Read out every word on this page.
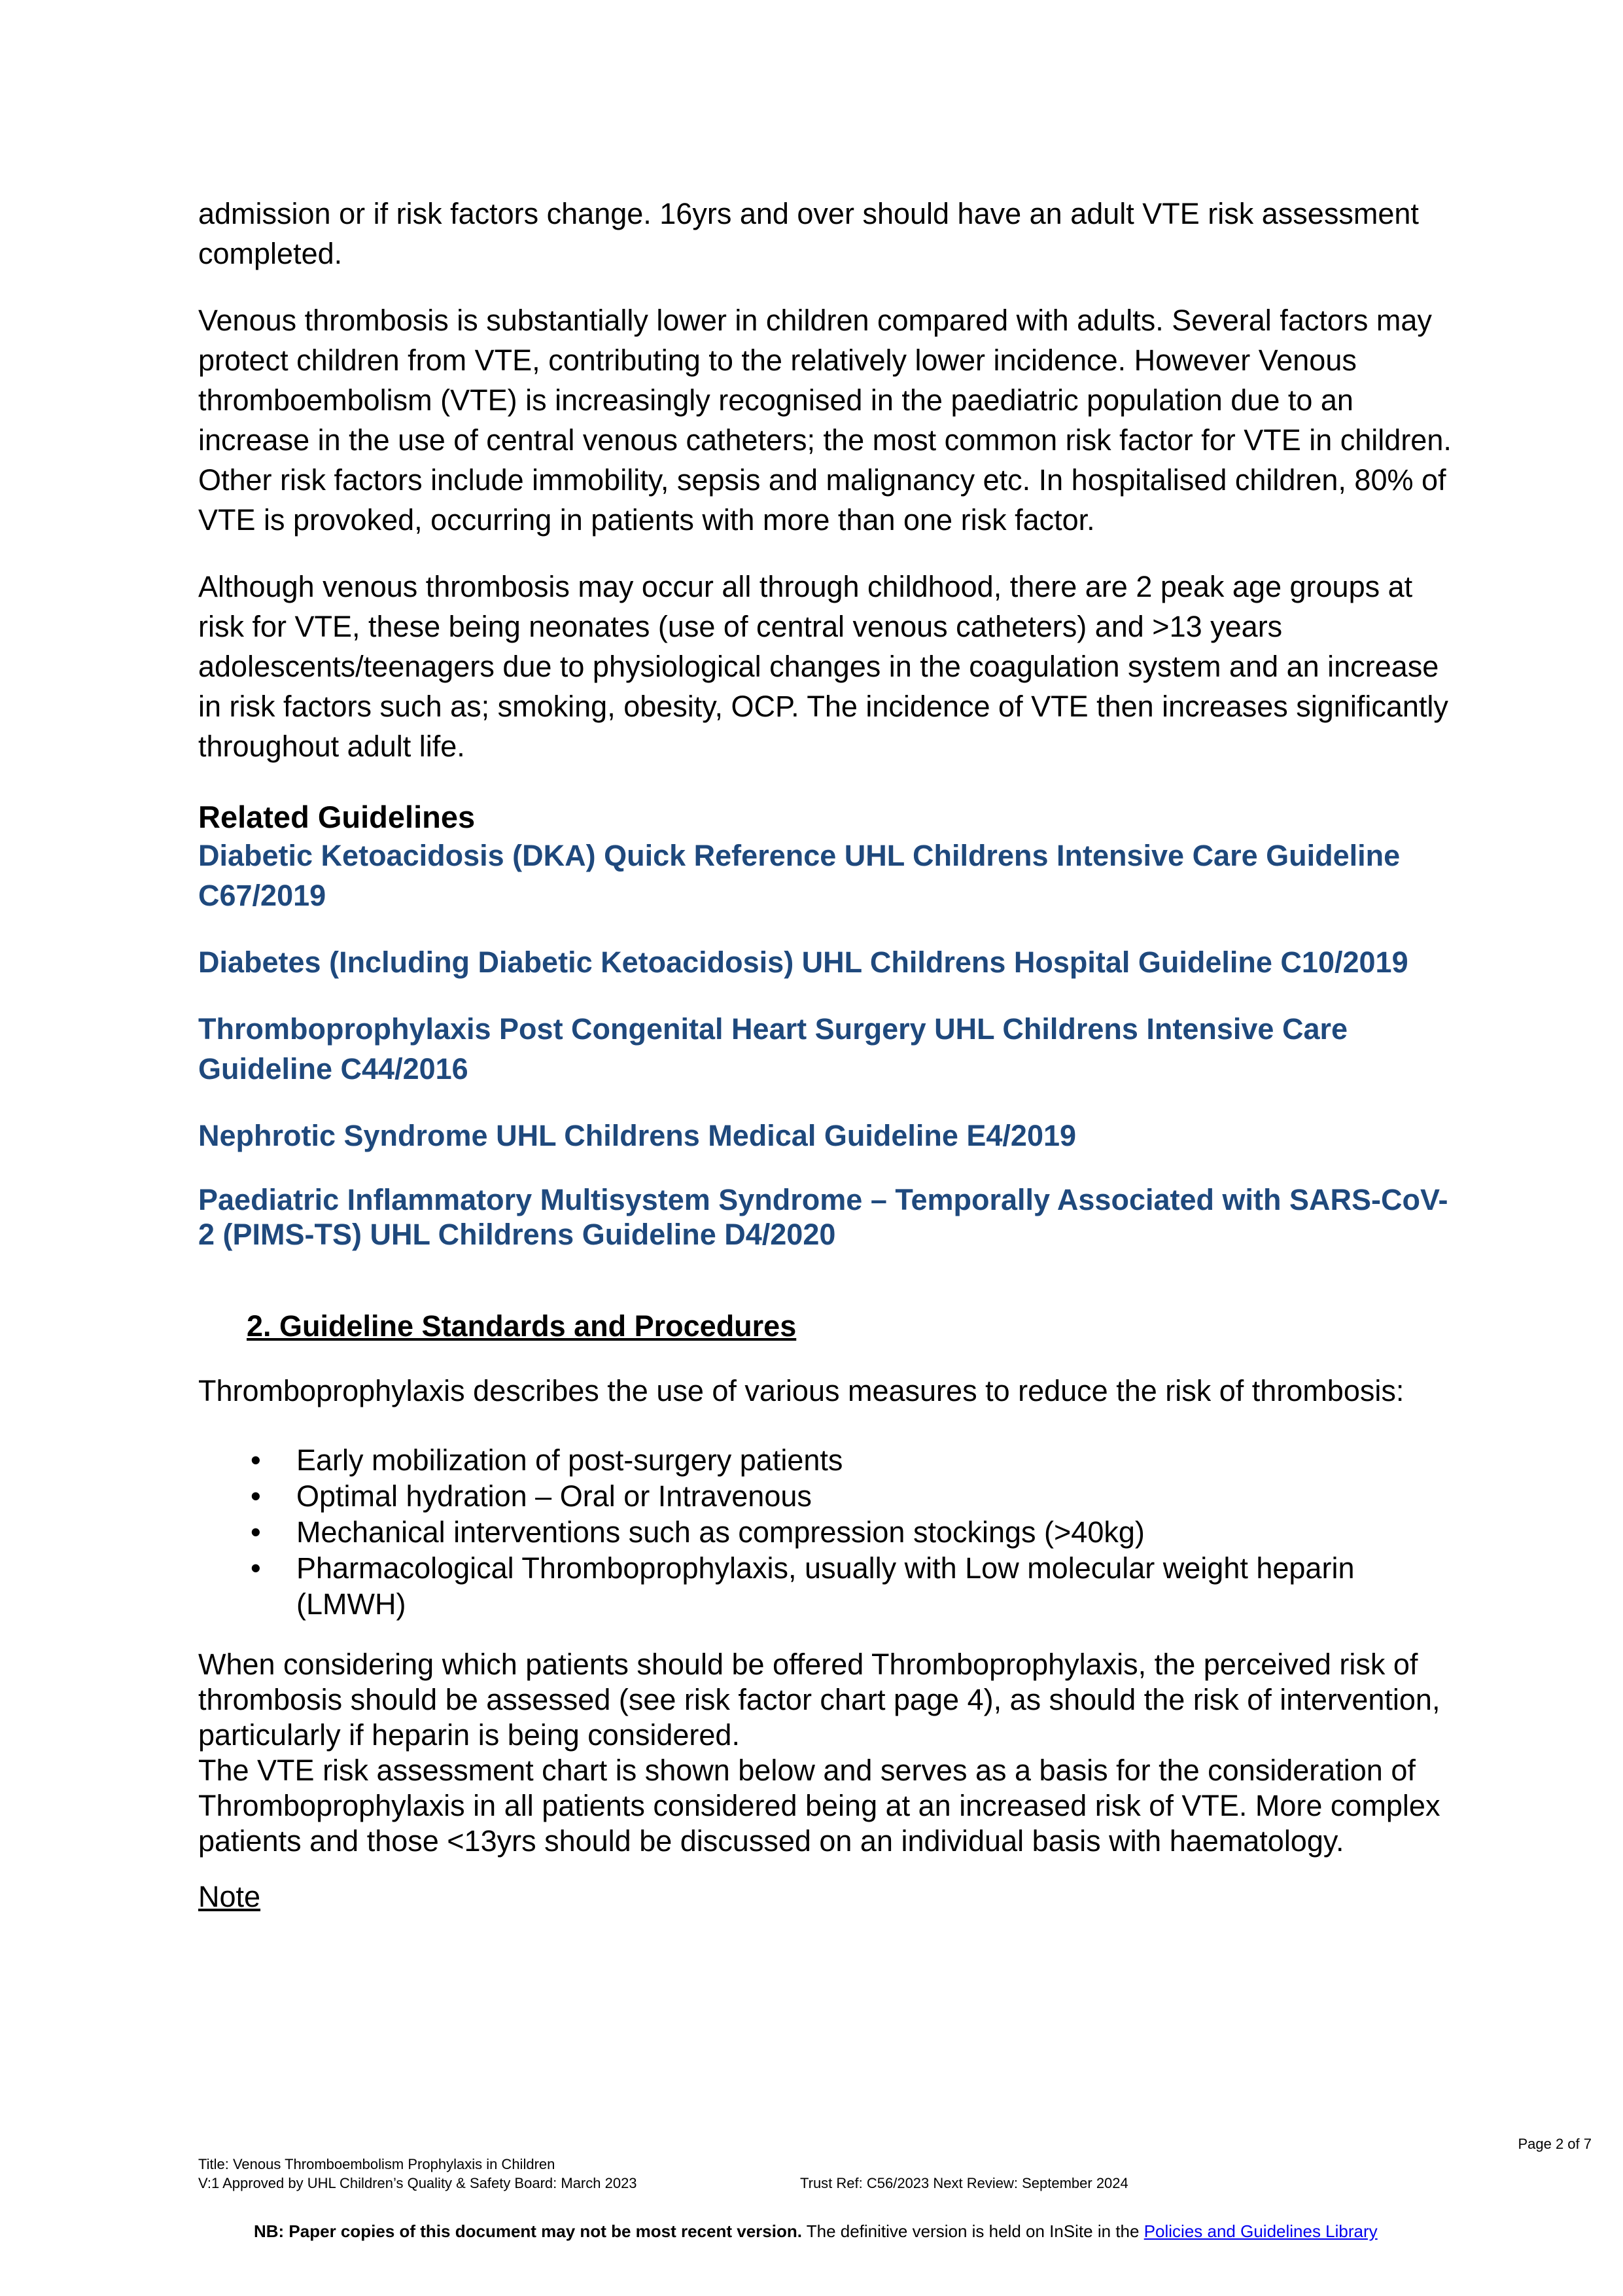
admission or if risk factors change. 16yrs and over should have an adult VTE risk assessment completed.

Venous thrombosis is substantially lower in children compared with adults. Several factors may protect children from VTE, contributing to the relatively lower incidence. However Venous thromboembolism (VTE) is increasingly recognised in the paediatric population due to an increase in the use of central venous catheters; the most common risk factor for VTE in children. Other risk factors include immobility, sepsis and malignancy etc. In hospitalised children, 80% of VTE is provoked, occurring in patients with more than one risk factor.

Although venous thrombosis may occur all through childhood, there are 2 peak age groups at risk for VTE, these being neonates (use of central venous catheters) and >13 years adolescents/teenagers due to physiological changes in the coagulation system and an increase in risk factors such as; smoking, obesity, OCP. The incidence of VTE then increases significantly throughout adult life.

Related Guidelines
Diabetic Ketoacidosis (DKA) Quick Reference UHL Childrens Intensive Care Guideline C67/2019
Diabetes (Including Diabetic Ketoacidosis) UHL Childrens Hospital Guideline C10/2019
Thromboprophylaxis Post Congenital Heart Surgery UHL Childrens Intensive Care Guideline C44/2016
Nephrotic Syndrome UHL Childrens Medical Guideline E4/2019
Paediatric Inflammatory Multisystem Syndrome – Temporally Associated with SARS-CoV-2 (PIMS-TS) UHL Childrens Guideline D4/2020
2. Guideline Standards and Procedures

Thromboprophylaxis describes the use of various measures to reduce the risk of thrombosis:

• Early mobilization of post-surgery patients
• Optimal hydration – Oral or Intravenous
• Mechanical interventions such as compression stockings (>40kg)
• Pharmacological Thromboprophylaxis, usually with Low molecular weight heparin (LMWH)

When considering which patients should be offered Thromboprophylaxis, the perceived risk of thrombosis should be assessed (see risk factor chart page 4), as should the risk of intervention, particularly if heparin is being considered.

The VTE risk assessment chart is shown below and serves as a basis for the consideration of Thromboprophylaxis in all patients considered being at an increased risk of VTE. More complex patients and those <13yrs should be discussed on an individual basis with haematology.

Note

Page 2 of 7
Title: Venous Thromboembolism Prophylaxis in Children
V:1 Approved by UHL Children’s Quality & Safety Board: March 2023	Trust Ref: C56/2023 Next Review: September 2024
NB: Paper copies of this document may not be most recent version. The definitive version is held on InSite in the Policies and Guidelines Library
